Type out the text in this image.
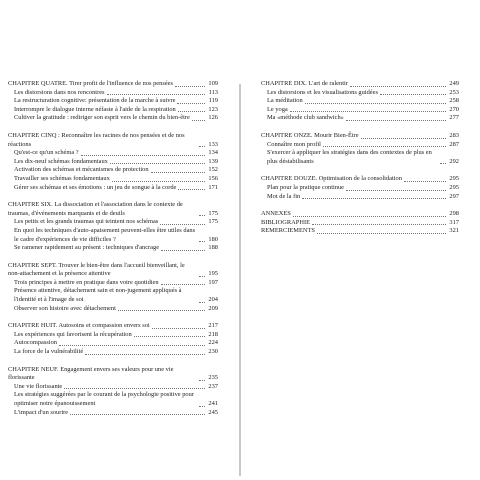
CHAPITRE QUATRE. Tirer profit de l'influence de nos pensées	109
Les distorsions dans nos rencontres	113
La restructuration cognitive: présentation de la marche à suivre	119
Interrompre le dialogue interne néfaste à l'aide de la respiration	123
Cultiver la gratitude : rediriger son esprit vers le chemin du bien-être	126
CHAPITRE CINQ : Reconnaître les racines de nos pensées et de nos réactions	133
Qu'est-ce qu'un schéma ?	134
Les dix-neuf schémas fondamentaux	139
Activation des schémas et mécanismes de protection	152
Travailler ses schémas fondamentaux	156
Gérer ses schémas et ses émotions : un jeu de songue à la corde	171
CHAPITRE SIX. La dissociation et l'association dans le contexte de traumas, d'événements marquants et de deuils	175
Les petits et les grands traumas qui teintent nos schémas	175
En quoi les techniques d'auto-apaisement peuvent-elles être utiles dans le cadre d'expériences de vie difficiles ?	180
Se ramener rapidement au présent : techniques d'ancrage	188
CHAPITRE SEPT. Trouver le bien-être dans l'accueil bienveillant, le non-attachement et la présence attentive	195
Trois principes à mettre en pratique dans votre quotidien	197
Présence attentive, détachement sain et non-jugement appliqués à l'identité et à l'image de soi	204
Observer son histoire avec détachement	209
CHAPITRE HUIT. Autosoins et compassion envers soi	217
Les expériences qui favorisent la récupération	218
Autocompassion	224
La force de la vulnérabilité	230
CHAPITRE NEUF. Engagement envers ses valeurs pour une vie florissante	235
Une vie florissante	237
Les stratégies suggérées par le courant de la psychologie positive pour optimiser notre épanouissement	241
L'impact d'un sourire	245
CHAPITRE DIX. L'art de ralentir	249
Les distorsions et les visualisations guidées	253
La méditation	258
Le yoga	270
Ma «méthode club sandwich»	277
CHAPITRE ONZE. Mourir Bien-Être	283
Connaître mon profil	287
S'exercer à appliquer les stratégies dans des contextes de plus en plus déstabilisants	292
CHAPITRE DOUZE. Optimisation de la consolidation	295
Plan pour la pratique continue	295
Mot de la fin	297
ANNEXES	298
BIBLIOGRAPHIE	317
REMERCIEMENTS	321
